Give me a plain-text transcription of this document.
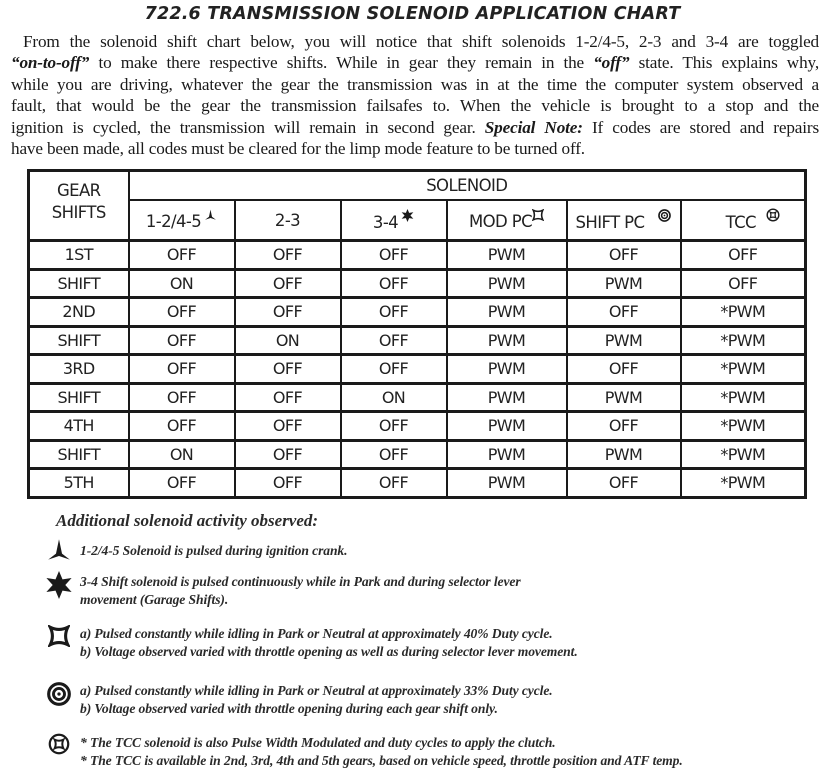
722.6 TRANSMISSION SOLENOID APPLICATION CHART
From the solenoid shift chart below, you will notice that shift solenoids 1-2/4-5, 2-3 and 3-4 are toggled
“on-to-off” to make there respective shifts. While in gear they remain in the “off” state. This explains why,
while you are driving, whatever the gear the transmission was in at the time the computer system observed a
fault, that would be the gear the transmission failsafes to. When the vehicle is brought to a stop and the
ignition is cycled, the transmission will remain in second gear. Special Note: If codes are stored and repairs
have been made, all codes must be cleared for the limp mode feature to be turned off.
GEAR
SHIFTS	SOLENOID					
	1-2/4-5	2-3	3-4	MOD PC	SHIFT PC	TCC
1ST	OFF	OFF	OFF	PWM	OFF	OFF
SHIFT	ON	OFF	OFF	PWM	PWM	OFF
2ND	OFF	OFF	OFF	PWM	OFF	*PWM
SHIFT	OFF	ON	OFF	PWM	PWM	*PWM
3RD	OFF	OFF	OFF	PWM	OFF	*PWM
SHIFT	OFF	OFF	ON	PWM	PWM	*PWM
4TH	OFF	OFF	OFF	PWM	OFF	*PWM
SHIFT	ON	OFF	OFF	PWM	PWM	*PWM
5TH	OFF	OFF	OFF	PWM	OFF	*PWM
Additional solenoid activity observed:
1-2/4-5 Solenoid is pulsed during ignition crank.
3-4 Shift solenoid is pulsed continuously while in Park and during selector lever
movement (Garage Shifts).
a) Pulsed constantly while idling in Park or Neutral at approximately 40% Duty cycle.
b) Voltage observed varied with throttle opening as well as during selector lever movement.
a) Pulsed constantly while idling in Park or Neutral at approximately 33% Duty cycle.
b) Voltage observed varied with throttle opening during each gear shift only.
* The TCC solenoid is also Pulse Width Modulated and duty cycles to apply the clutch.
* The TCC is available in 2nd, 3rd, 4th and 5th gears, based on vehicle speed, throttle position and ATF temp.
